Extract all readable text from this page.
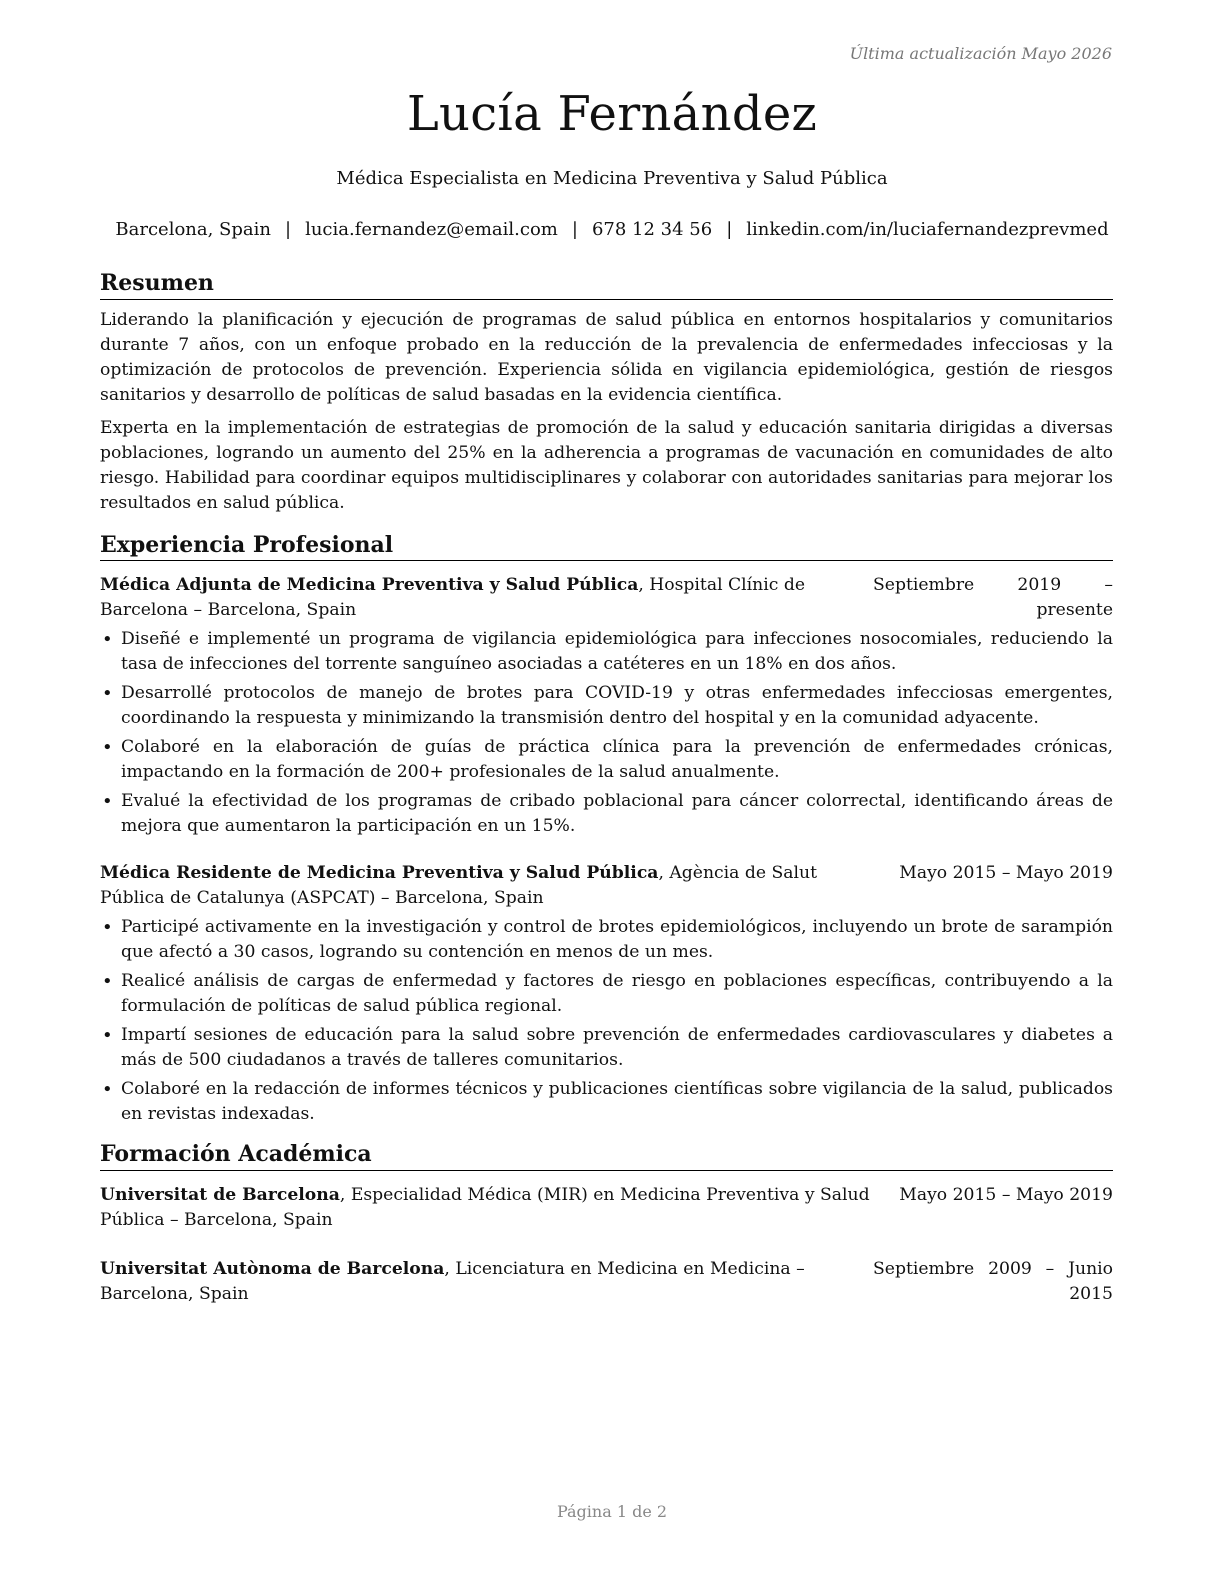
Última actualización Mayo 2026
Lucía Fernández
Médica Especialista en Medicina Preventiva y Salud Pública
Barcelona, Spain | lucia.fernandez@email.com | 678 12 34 56 | linkedin.com/in/luciafernandezprevmed
Resumen

Liderando la planificación y ejecución de programas de salud pública en entornos hospitalarios y comunitarios durante 7 años, con un enfoque probado en la reducción de la prevalencia de enfermedades infecciosas y la optimización de protocolos de prevención. Experiencia sólida en vigilancia epidemiológica, gestión de riesgos sanitarios y desarrollo de políticas de salud basadas en la evidencia científica.

Experta en la implementación de estrategias de promoción de la salud y educación sanitaria dirigidas a diversas poblaciones, logrando un aumento del 25% en la adherencia a programas de vacunación en comunidades de alto riesgo. Habilidad para coordinar equipos multidisciplinares y colaborar con autoridades sanitarias para mejorar los resultados en salud pública.

Experiencia Profesional
Médica Adjunta de Medicina Preventiva y Salud Pública, Hospital Clínic de Barcelona – Barcelona, Spain
Septiembre 2019 – presente
• Diseñé e implementé un programa de vigilancia epidemiológica para infecciones nosocomiales, reduciendo la tasa de infecciones del torrente sanguíneo asociadas a catéteres en un 18% en dos años.
• Desarrollé protocolos de manejo de brotes para COVID-19 y otras enfermedades infecciosas emergentes, coordinando la respuesta y minimizando la transmisión dentro del hospital y en la comunidad adyacente.
• Colaboré en la elaboración de guías de práctica clínica para la prevención de enfermedades crónicas, impactando en la formación de 200+ profesionales de la salud anualmente.
• Evalué la efectividad de los programas de cribado poblacional para cáncer colorrectal, identificando áreas de mejora que aumentaron la participación en un 15%.
Médica Residente de Medicina Preventiva y Salud Pública, Agència de Salut Pública de Catalunya (ASPCAT) – Barcelona, Spain
Mayo 2015 – Mayo 2019
• Participé activamente en la investigación y control de brotes epidemiológicos, incluyendo un brote de sarampión que afectó a 30 casos, logrando su contención en menos de un mes.
• Realicé análisis de cargas de enfermedad y factores de riesgo en poblaciones específicas, contribuyendo a la formulación de políticas de salud pública regional.
• Impartí sesiones de educación para la salud sobre prevención de enfermedades cardiovasculares y diabetes a más de 500 ciudadanos a través de talleres comunitarios.
• Colaboré en la redacción de informes técnicos y publicaciones científicas sobre vigilancia de la salud, publicados en revistas indexadas.
Formación Académica
Universitat de Barcelona, Especialidad Médica (MIR) en Medicina Preventiva y Salud Pública – Barcelona, Spain
Mayo 2015 – Mayo 2019
Universitat Autònoma de Barcelona, Licenciatura en Medicina en Medicina – Barcelona, Spain
Septiembre 2009 – Junio 2015
Página 1 de 2
